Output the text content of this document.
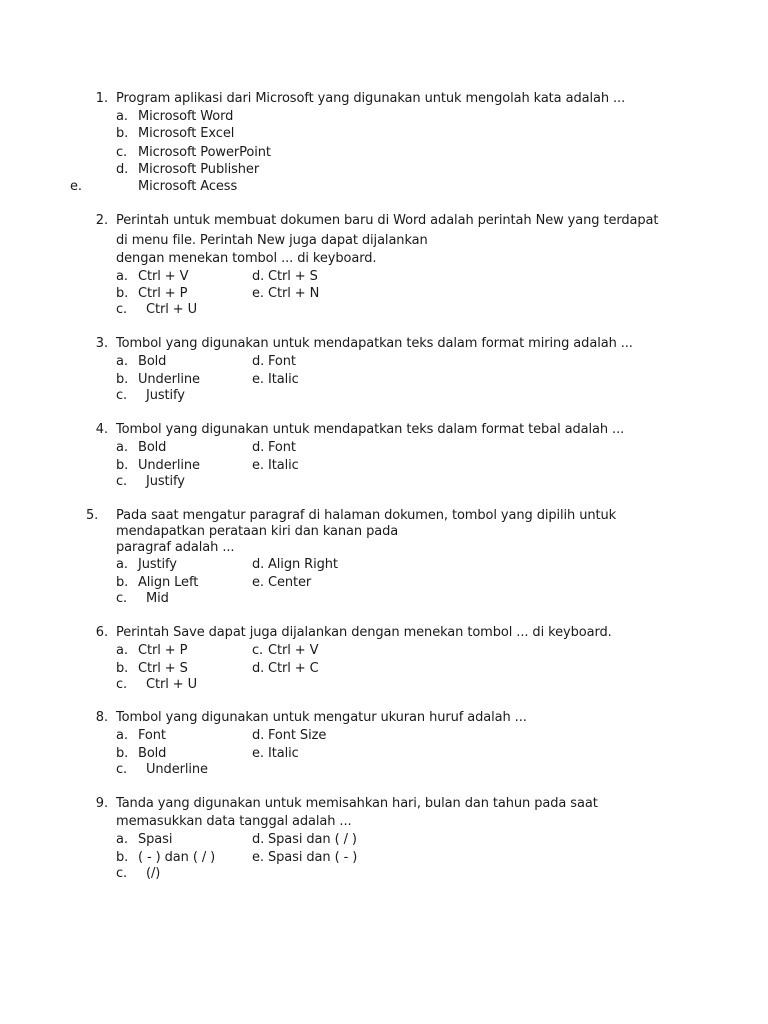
1. Program aplikasi dari Microsoft yang digunakan untuk mengolah kata adalah ...
a. Microsoft Word
b. Microsoft Excel
c. Microsoft PowerPoint
d. Microsoft Publisher
e.	Microsoft Acess
2. Perintah untuk membuat dokumen baru di Word adalah perintah New yang terdapat
di menu file. Perintah New juga dapat dijalankan
dengan menekan tombol ... di keyboard.
a. Ctrl + V	d. Ctrl + S
b. Ctrl + P	e. Ctrl + N
c. Ctrl + U
3. Tombol yang digunakan untuk mendapatkan teks dalam format miring adalah ...
a. Bold	d. Font
b. Underline	e. Italic
c. Justify
4. Tombol yang digunakan untuk mendapatkan teks dalam format tebal adalah ...
a. Bold	d. Font
b. Underline	e. Italic
c. Justify
5. Pada saat mengatur paragraf di halaman dokumen, tombol yang dipilih untuk
mendapatkan perataan kiri dan kanan pada
paragraf adalah ...
a. Justify	d. Align Right
b. Align Left	e. Center
c. Mid
6. Perintah Save dapat juga dijalankan dengan menekan tombol ... di keyboard.
a. Ctrl + P	c. Ctrl + V
b. Ctrl + S	d. Ctrl + C
c. Ctrl + U
8. Tombol yang digunakan untuk mengatur ukuran huruf adalah ...
a. Font	d. Font Size
b. Bold	e. Italic
c. Underline
9. Tanda yang digunakan untuk memisahkan hari, bulan dan tahun pada saat
memasukkan data tanggal adalah ...
a. Spasi	d. Spasi dan ( / )
b. ( - ) dan ( / )	e. Spasi dan ( - )
c. (/)
